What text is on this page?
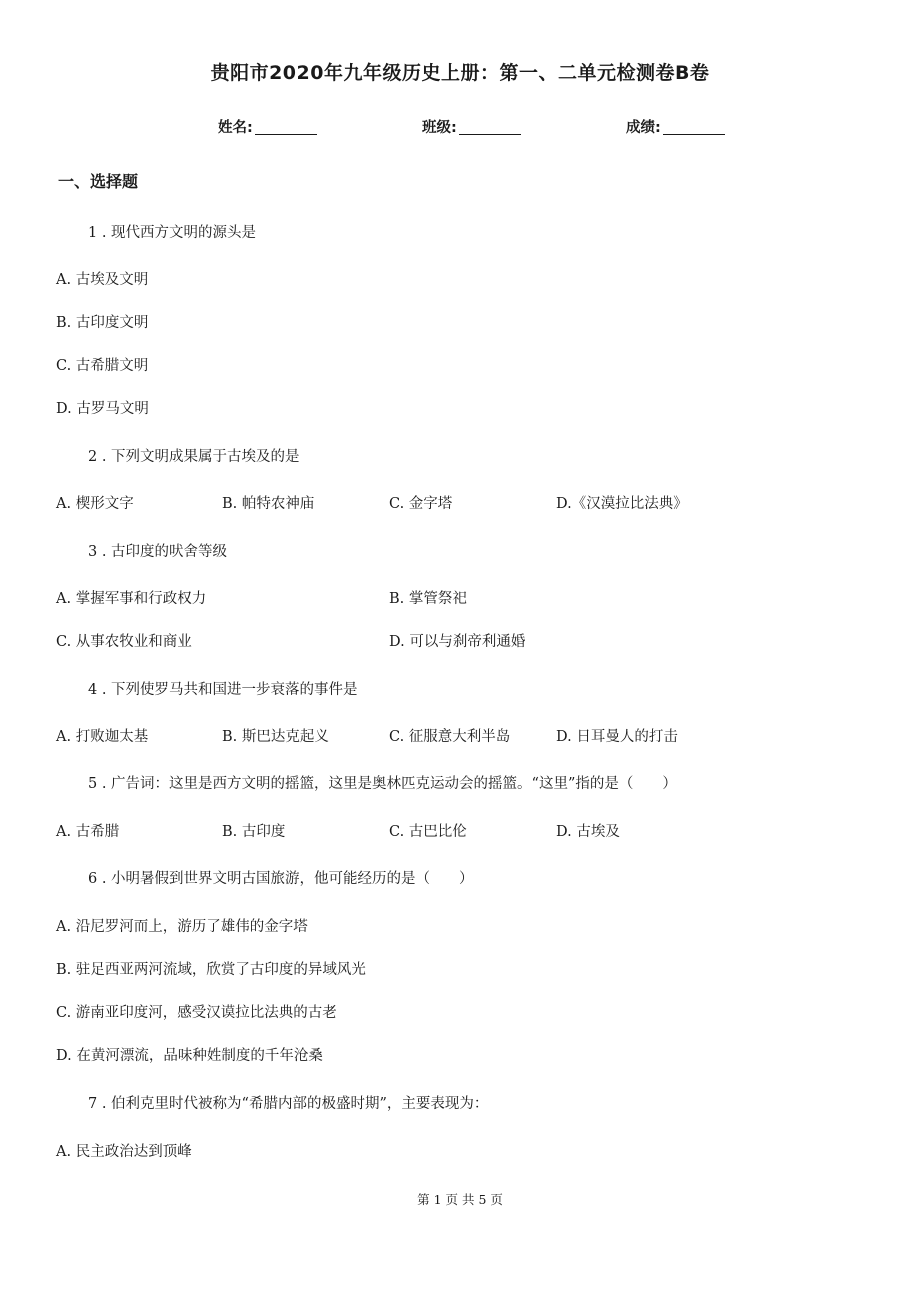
贵阳市2020年九年级历史上册：第一、二单元检测卷B卷
姓名:	班级:	成绩:
一、选择题
1 . 现代西方文明的源头是
A. 古埃及文明
B. 古印度文明
C. 古希腊文明
D. 古罗马文明
2 . 下列文明成果属于古埃及的是
A. 楔形文字	B. 帕特农神庙	C. 金字塔	D.《汉漠拉比法典》
3 . 古印度的吠舍等级
A. 掌握军事和行政权力	B. 掌管祭祀
C. 从事农牧业和商业	D. 可以与刹帝利通婚
4 . 下列使罗马共和国进一步衰落的事件是
A. 打败迦太基	B. 斯巴达克起义	C. 征服意大利半岛	D. 日耳曼人的打击
5 . 广告词：这里是西方文明的摇篮，这里是奥林匹克运动会的摇篮。“这里”指的是（　　）
A. 古希腊	B. 古印度	C. 古巴比伦	D. 古埃及
6 . 小明暑假到世界文明古国旅游，他可能经历的是（　　）
A. 沿尼罗河而上，游历了雄伟的金字塔
B. 驻足西亚两河流域，欣赏了古印度的异域风光
C. 游南亚印度河，感受汉谟拉比法典的古老
D. 在黄河漂流，品味种姓制度的千年沧桑
7 . 伯利克里时代被称为“希腊内部的极盛时期”，主要表现为：
A. 民主政治达到顶峰
第 1 页 共 5 页
